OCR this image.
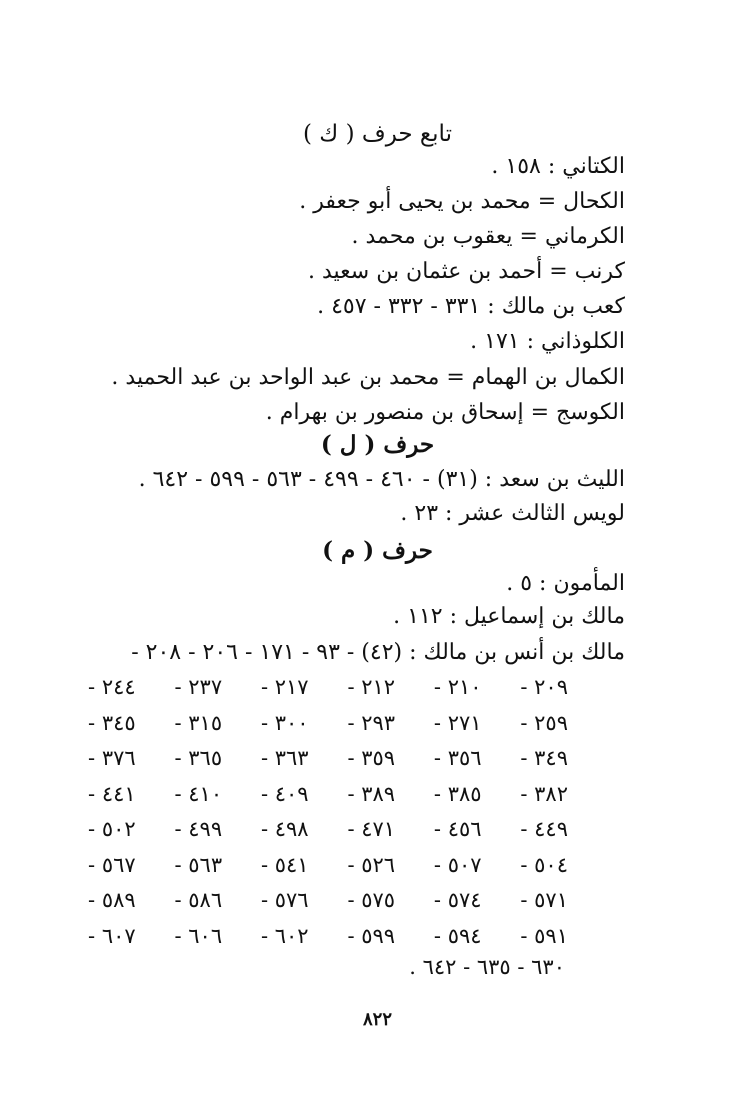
تابع حرف ( ك )
الكتاني : ١٥٨ .
الكحال = محمد بن يحيى أبو جعفر .
الكرماني = يعقوب بن محمد .
كرنب = أحمد بن عثمان بن سعيد .
كعب بن مالك : ٣٣١ - ٣٣٢ - ٤٥٧ .
الكلوذاني : ١٧١ .
الكمال بن الهمام = محمد بن عبد الواحد بن عبد الحميد .
الكوسج = إسحاق بن منصور بن بهرام .
حرف ( ل )
الليث بن سعد : (٣١) - ٤٦٠ - ٤٩٩ - ٥٦٣ - ٥٩٩ - ٦٤٢ .
لويس الثالث عشر : ٢٣ .
حرف ( م )
المأمون : ٥ .
مالك بن إسماعيل : ١١٢ .
مالك بن أنس بن مالك : (٤٢) - ٩٣ - ١٧١ - ٢٠٦ - ٢٠٨ -
٢٠٩ -
٢١٠ -
٢١٢ -
٢١٧ -
٢٣٧ -
٢٤٤ -
٢٥٩ -
٢٧١ -
٢٩٣ -
٣٠٠ -
٣١٥ -
٣٤٥ -
٣٤٩ -
٣٥٦ -
٣٥٩ -
٣٦٣ -
٣٦٥ -
٣٧٦ -
٣٨٢ -
٣٨٥ -
٣٨٩ -
٤٠٩ -
٤١٠ -
٤٤١ -
٤٤٩ -
٤٥٦ -
٤٧١ -
٤٩٨ -
٤٩٩ -
٥٠٢ -
٥٠٤ -
٥٠٧ -
٥٢٦ -
٥٤١ -
٥٦٣ -
٥٦٧ -
٥٧١ -
٥٧٤ -
٥٧٥ -
٥٧٦ -
٥٨٦ -
٥٨٩ -
٥٩١ -
٥٩٤ -
٥٩٩ -
٦٠٢ -
٦٠٦ -
٦٠٧ -
٦٣٠ - ٦٣٥ - ٦٤٢ .
٨٢٢
